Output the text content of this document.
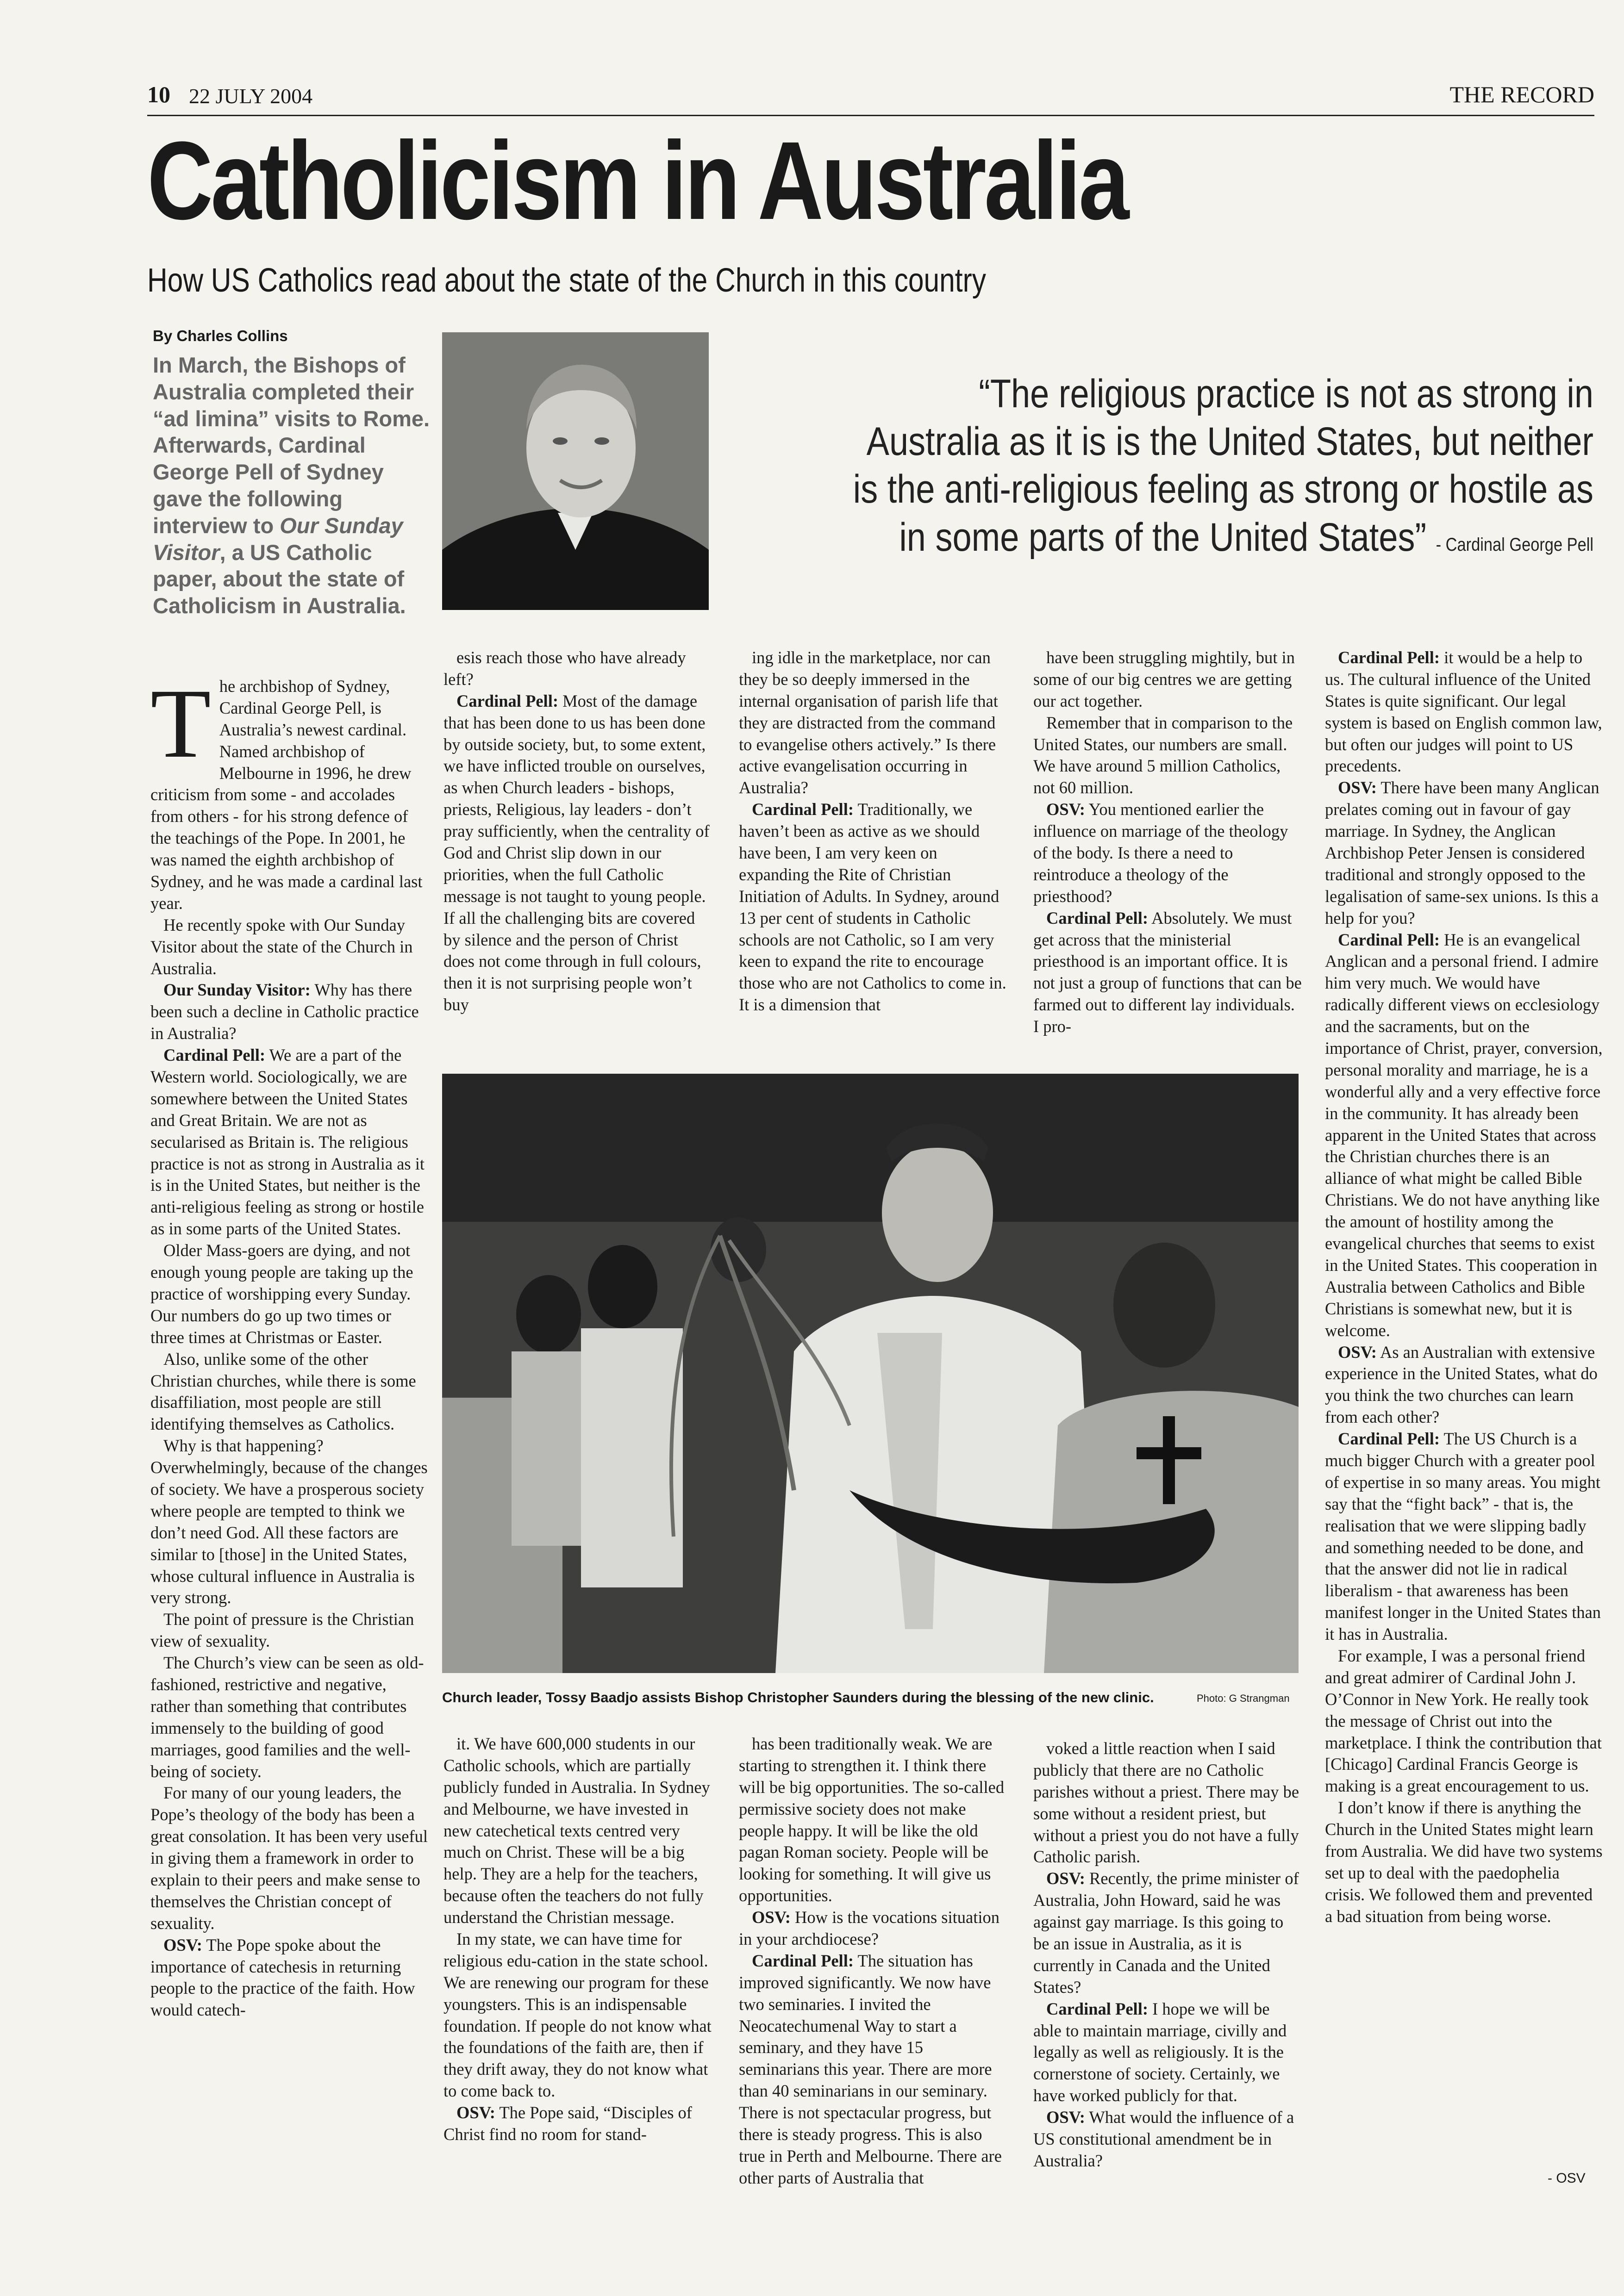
10 22 JULY 2004	THE RECORD
Catholicism in Australia
How US Catholics read about the state of the Church in this country
By Charles Collins
In March, the Bishops of Australia completed their “ad limina” visits to Rome. Afterwards, Cardinal George Pell of Sydney gave the following interview to Our Sunday Visitor, a US Catholic paper, about the state of Catholicism in Australia.
“The religious practice is not as strong in Australia as it is is the United States, but neither is the anti-religious feeling as strong or hostile as in some parts of the United States” - Cardinal George Pell
Church leader, Tossy Baadjo assists Bishop Christopher Saunders during the blessing of the new clinic.	Photo: G Strangman

The archbishop of Sydney, Cardinal George Pell, is Australia’s newest cardinal. Named archbishop of Melbourne in 1996, he drew criticism from some - and accolades from others - for his strong defence of the teachings of the Pope. In 2001, he was named the eighth archbishop of Sydney, and he was made a cardinal last year.

He recently spoke with Our Sunday Visitor about the state of the Church in Australia.

Our Sunday Visitor: Why has there been such a decline in Catholic practice in Australia?

Cardinal Pell: We are a part of the Western world. Sociologically, we are somewhere between the United States and Great Britain. We are not as secularised as Britain is. The religious practice is not as strong in Australia as it is in the United States, but neither is the anti-religious feeling as strong or hostile as in some parts of the United States.

Older Mass-goers are dying, and not enough young people are taking up the practice of worshipping every Sunday. Our numbers do go up two times or three times at Christmas or Easter.

Also, unlike some of the other Christian churches, while there is some disaffiliation, most people are still identifying themselves as Catholics.

Why is that happening? Overwhelmingly, because of the changes of society. We have a prosperous society where people are tempted to think we don’t need God. All these factors are similar to [those] in the United States, whose cultural influence in Australia is very strong.

The point of pressure is the Christian view of sexuality.

The Church’s view can be seen as old-fashioned, restrictive and negative, rather than something that contributes immensely to the building of good marriages, good families and the well-being of society.

For many of our young leaders, the Pope’s theology of the body has been a great consolation. It has been very useful in giving them a framework in order to explain to their peers and make sense to themselves the Christian concept of sexuality.

OSV: The Pope spoke about the importance of catechesis in returning people to the practice of the faith. How would catech-

esis reach those who have already left?

Cardinal Pell: Most of the damage that has been done to us has been done by outside society, but, to some extent, we have inflicted trouble on ourselves, as when Church leaders - bishops, priests, Religious, lay leaders - don’t pray sufficiently, when the centrality of God and Christ slip down in our priorities, when the full Catholic message is not taught to young people. If all the challenging bits are covered by silence and the person of Christ does not come through in full colours, then it is not surprising people won’t buy

ing idle in the marketplace, nor can they be so deeply immersed in the internal organisation of parish life that they are distracted from the command to evangelise others actively.” Is there active evangelisation occurring in Australia?

Cardinal Pell: Traditionally, we haven’t been as active as we should have been, I am very keen on expanding the Rite of Christian Initiation of Adults. In Sydney, around 13 per cent of students in Catholic schools are not Catholic, so I am very keen to expand the rite to encourage those who are not Catholics to come in. It is a dimension that

have been struggling mightily, but in some of our big centres we are getting our act together.

Remember that in comparison to the United States, our numbers are small. We have around 5 million Catholics, not 60 million.

OSV: You mentioned earlier the influence on marriage of the theology of the body. Is there a need to reintroduce a theology of the priesthood?

Cardinal Pell: Absolutely. We must get across that the ministerial priesthood is an important office. It is not just a group of functions that can be farmed out to different lay individuals. I pro-

Cardinal Pell: it would be a help to us. The cultural influence of the United States is quite significant. Our legal system is based on English common law, but often our judges will point to US precedents.

OSV: There have been many Anglican prelates coming out in favour of gay marriage. In Sydney, the Anglican Archbishop Peter Jensen is considered traditional and strongly opposed to the legalisation of same-sex unions. Is this a help for you?

Cardinal Pell: He is an evangelical Anglican and a personal friend. I admire him very much. We would have radically different views on ecclesiology and the sacraments, but on the importance of Christ, prayer, conversion, personal morality and marriage, he is a wonderful ally and a very effective force in the community. It has already been apparent in the United States that across the Christian churches there is an alliance of what might be called Bible Christians. We do not have anything like the amount of hostility among the evangelical churches that seems to exist in the United States. This cooperation in Australia between Catholics and Bible Christians is somewhat new, but it is welcome.

OSV: As an Australian with extensive experience in the United States, what do you think the two churches can learn from each other?

Cardinal Pell: The US Church is a much bigger Church with a greater pool of expertise in so many areas. You might say that the “fight back” - that is, the realisation that we were slipping badly and something needed to be done, and that the answer did not lie in radical liberalism - that awareness has been manifest longer in the United States than it has in Australia.

For example, I was a personal friend and great admirer of Cardinal John J. O’Connor in New York. He really took the message of Christ out into the marketplace. I think the contribution that [Chicago] Cardinal Francis George is making is a great encouragement to us.

I don’t know if there is anything the Church in the United States might learn from Australia. We did have two systems set up to deal with the paedophelia crisis. We followed them and prevented a bad situation from being worse.

- OSV

it. We have 600,000 students in our Catholic schools, which are partially publicly funded in Australia. In Sydney and Melbourne, we have invested in new catechetical texts centred very much on Christ. These will be a big help. They are a help for the teachers, because often the teachers do not fully understand the Christian message.

In my state, we can have time for religious edu-cation in the state school. We are renewing our program for these youngsters. This is an indispensable foundation. If people do not know what the foundations of the faith are, then if they drift away, they do not know what to come back to.

OSV: The Pope said, “Disciples of Christ find no room for stand-

has been traditionally weak. We are starting to strengthen it. I think there will be big opportunities. The so-called permissive society does not make people happy. It will be like the old pagan Roman society. People will be looking for something. It will give us opportunities.

OSV: How is the vocations situation in your archdiocese?

Cardinal Pell: The situation has improved significantly. We now have two seminaries. I invited the Neocatechumenal Way to start a seminary, and they have 15 seminarians this year. There are more than 40 seminarians in our seminary. There is not spectacular progress, but there is steady progress. This is also true in Perth and Melbourne. There are other parts of Australia that

voked a little reaction when I said publicly that there are no Catholic parishes without a priest. There may be some without a resident priest, but without a priest you do not have a fully Catholic parish.

OSV: Recently, the prime minister of Australia, John Howard, said he was against gay marriage. Is this going to be an issue in Australia, as it is currently in Canada and the United States?

Cardinal Pell: I hope we will be able to maintain marriage, civilly and legally as well as religiously. It is the cornerstone of society. Certainly, we have worked publicly for that.

OSV: What would the influence of a US constitutional amendment be in Australia?
